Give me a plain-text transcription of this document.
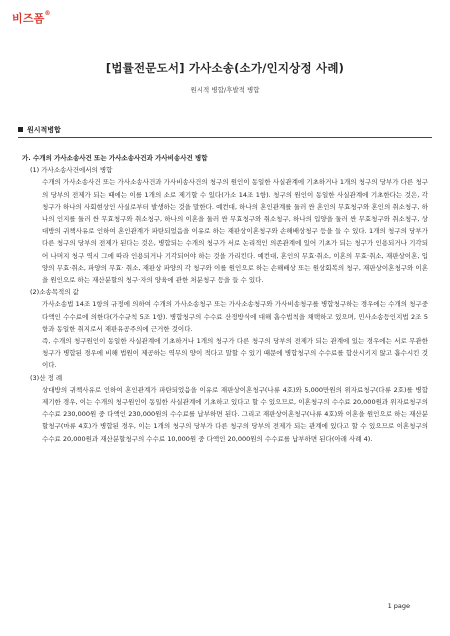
비즈폼®
[법률전문도서] 가사소송(소가/인지상정 사례)
원시적 병합/후발적 병합
원시적병합

가. 수개의 가사소송사건 또는 가사소송사건과 가사비송사건 병합

(1) 가사소송사건에서의 병합

수개의 가사소송사건 또는 가사소송사건과 가사비송사건의 청구의 원인이 동일한 사실관계에 기초하거나 1개의 청구의 당부가 다른 청구의 당부의 전제가 되는 때에는 이를 1개의 소로 제기할 수 있다(가소 14조 1항). 청구의 원인이 동일한 사실관계에 기초한다는 것은, 각 청구가 하나의 사회현상인 사실로부터 발생하는 것을 말한다. 예컨대, 하나의 혼인관계를 둘러 싼 혼인의 무효청구와 혼인의 취소청구, 하나의 인지를 둘러 싼 무효청구와 취소청구, 하나의 이혼을 둘러 싼 무효청구와 취소청구, 하나의 입양을 둘러 싼 무효청구와 취소청구, 상대방의 귀책사유로 인하여 혼인관계가 파탄되었음을 이유로 하는 재판상이혼청구와 손해배상청구 등을 들 수 있다. 1개의 청구의 당부가 다른 청구의 당부의 전제가 된다는 것은, 병합되는 수개의 청구가 서로 논리적인 의존관계에 있어 기초가 되는 청구가 인용되거나 기각되어 나머지 청구 역시 그에 따라 인용되거나 기각되어야 하는 것을 가리킨다. 예컨대, 혼인의 무효·취소, 이혼의 무효·취소, 재판상이혼, 입양의 무효·취소, 파양의 무효· 취소, 재판상 파양의 각 청구와 이를 원인으로 하는 손해배상 또는 원상회복의 청구, 재판상이혼청구와 이혼을 원인으로 하는 재산분할의 청구·자의 양육에 관한 처분청구 등을 들 수 있다.

(2)소송목적의 값

가사소송법 14조 1항의 규정에 의하여 수개의 가사소송청구 또는 가사소송청구와 가사비송청구를 병합청구하는 경우에는 수개의 청구중 다액인 수수료에 의한다(가수규칙 5조 1항). 병합청구의 수수료 산정방식에 대해 흡수법칙을 채택하고 있으며, 민사소송등인지법 2조 5항과 동일한 취지로서 재판유공주의에 근거한 것이다.

즉, 수개의 청구원인이 동일한 사실관계에 기초하거나 1개의 청구가 다른 청구의 당부의 전제가 되는 관계에 있는 경우에는 서로 무관한 청구가 병합된 경우에 비해 법원이 제공하는 역무의 양이 적다고 말할 수 있기 때문에 병합청구의 수수료를 합산시키지 않고 흡수시킨 것이다.

(3)산 정 례

상대방의 귀책사유로 인하여 혼인관계가 파탄되었음을 이유로 재판상이혼청구(나류 4호)와 5,000만원의 위자료청구(다류 2호)를 병합제기한 경우, 이는 수개의 청구원인이 동일한 사실관계에 기초하고 있다고 할 수 있으므로, 이혼청구의 수수료 20,000원과 위자료청구의 수수료 230,000원 중 다액인 230,000원의 수수료를 납부하면 된다. 그리고 재판상이혼청구(나류 4호)와 이혼을 원인으로 하는 재산분할청구(마류 4호)가 병합된 경우, 이는 1개의 청구의 당부가 다른 청구의 당부의 전제가 되는 관계에 있다고 할 수 있으므로 이혼청구의 수수료 20,000원과 재산분할청구의 수수료 10,000원 중 다액인 20,000원의 수수료를 납부하면 된다(아래 사례 4).

1 page
